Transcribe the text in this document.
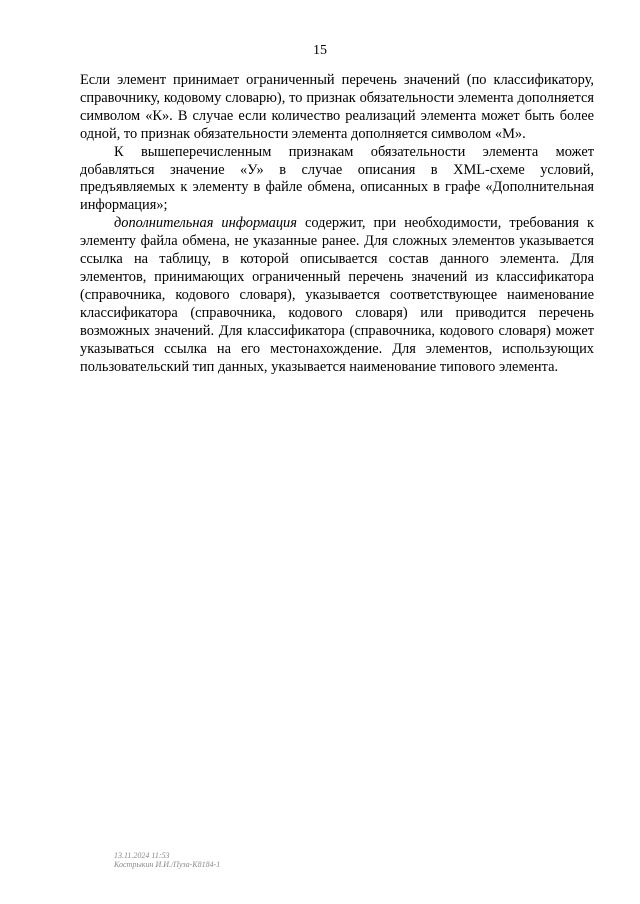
15

Если элемент принимает ограниченный перечень значений (по классификатору, справочнику, кодовому словарю), то признак обязательности элемента дополняется символом «К». В случае если количество реализаций элемента может быть более одной, то признак обязательности элемента дополняется символом «М».

К вышеперечисленным признакам обязательности элемента может добавляться значение «У» в случае описания в XML-схеме условий, предъявляемых к элементу в файле обмена, описанных в графе «Дополнительная информация»;

дополнительная информация содержит, при необходимости, требования к элементу файла обмена, не указанные ранее. Для сложных элементов указывается ссылка на таблицу, в которой описывается состав данного элемента. Для элементов, принимающих ограниченный перечень значений из классификатора (справочника, кодового словаря), указывается соответствующее наименование классификатора (справочника, кодового словаря) или приводится перечень возможных значений. Для классификатора (справочника, кодового словаря) может указываться ссылка на его местонахождение. Для элементов, использующих пользовательский тип данных, указывается наименование типового элемента.

13.11.2024 11:53
Кострыкин И.И./Пуза-К8184-1
